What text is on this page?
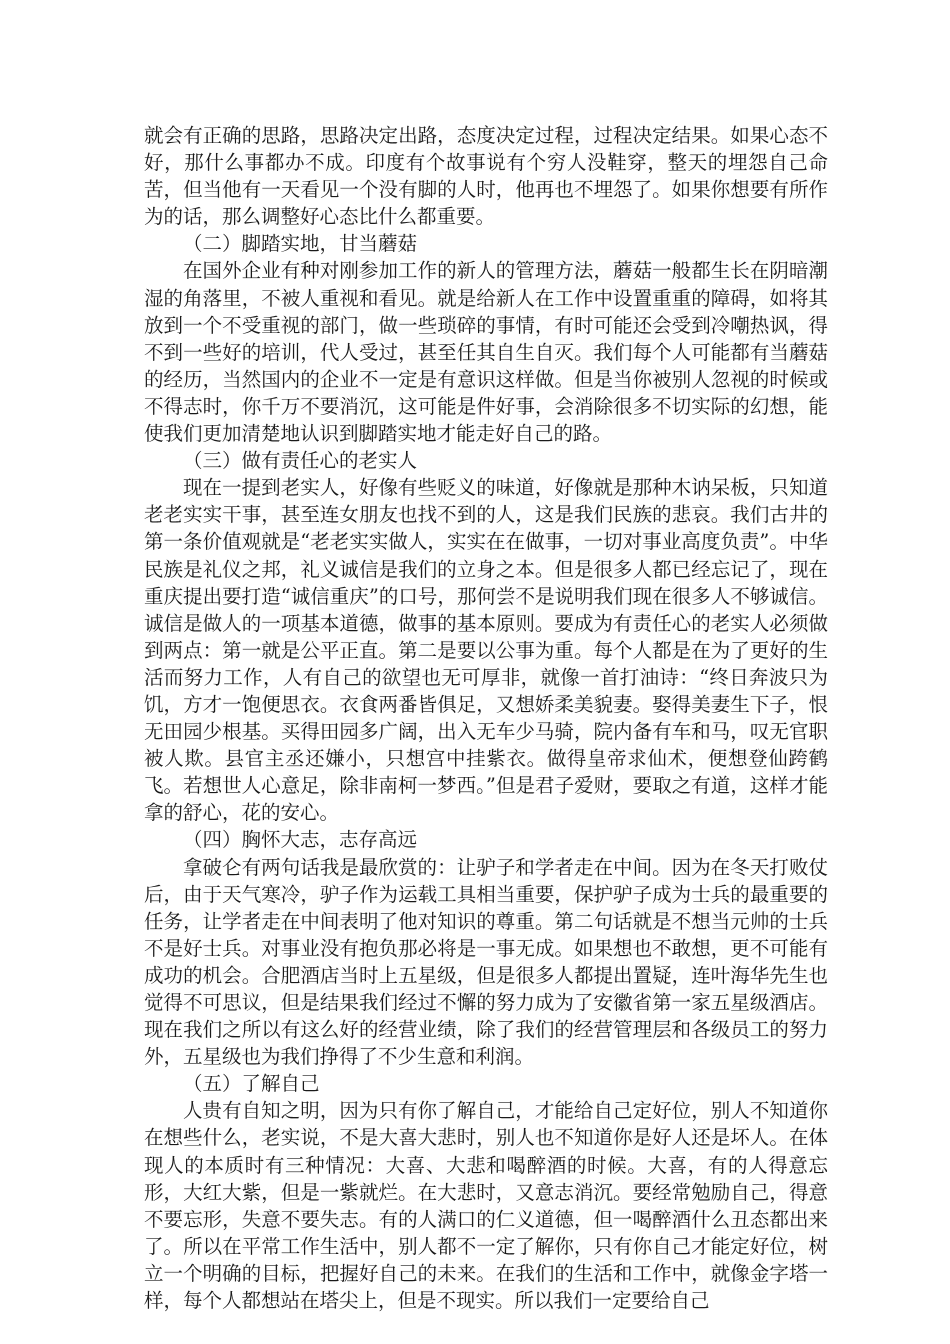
就会有正确的思路，思路决定出路，态度决定过程，过程决定结果。如果心态不好，那什么事都办不成。印度有个故事说有个穷人没鞋穿，整天的埋怨自己命苦，但当他有一天看见一个没有脚的人时，他再也不埋怨了。如果你想要有所作为的话，那么调整好心态比什么都重要。

（二）脚踏实地，甘当蘑菇

在国外企业有种对刚参加工作的新人的管理方法，蘑菇一般都生长在阴暗潮湿的角落里，不被人重视和看见。就是给新人在工作中设置重重的障碍，如将其放到一个不受重视的部门，做一些琐碎的事情，有时可能还会受到冷嘲热讽，得不到一些好的培训，代人受过，甚至任其自生自灭。我们每个人可能都有当蘑菇的经历，当然国内的企业不一定是有意识这样做。但是当你被别人忽视的时候或不得志时，你千万不要消沉，这可能是件好事，会消除很多不切实际的幻想，能使我们更加清楚地认识到脚踏实地才能走好自己的路。

（三）做有责任心的老实人

现在一提到老实人，好像有些贬义的味道，好像就是那种木讷呆板，只知道老老实实干事，甚至连女朋友也找不到的人，这是我们民族的悲哀。我们古井的第一条价值观就是“老老实实做人，实实在在做事，一切对事业高度负责”。中华民族是礼仪之邦，礼义诚信是我们的立身之本。但是很多人都已经忘记了，现在重庆提出要打造“诚信重庆”的口号，那何尝不是说明我们现在很多人不够诚信。诚信是做人的一项基本道德，做事的基本原则。要成为有责任心的老实人必须做到两点：第一就是公平正直。第二是要以公事为重。每个人都是在为了更好的生活而努力工作，人有自己的欲望也无可厚非，就像一首打油诗：“终日奔波只为饥，方才一饱便思衣。衣食两番皆俱足，又想娇柔美貌妻。娶得美妻生下子，恨无田园少根基。买得田园多广阔，出入无车少马骑，院内备有车和马，叹无官职被人欺。县官主丞还嫌小，只想宫中挂紫衣。做得皇帝求仙术，便想登仙跨鹤飞。若想世人心意足，除非南柯一梦西。”但是君子爱财，要取之有道，这样才能拿的舒心，花的安心。

（四）胸怀大志，志存高远

拿破仑有两句话我是最欣赏的：让驴子和学者走在中间。因为在冬天打败仗后，由于天气寒冷，驴子作为运载工具相当重要，保护驴子成为士兵的最重要的任务，让学者走在中间表明了他对知识的尊重。第二句话就是不想当元帅的士兵不是好士兵。对事业没有抱负那必将是一事无成。如果想也不敢想，更不可能有成功的机会。合肥酒店当时上五星级，但是很多人都提出置疑，连叶海华先生也觉得不可思议，但是结果我们经过不懈的努力成为了安徽省第一家五星级酒店。现在我们之所以有这么好的经营业绩，除了我们的经营管理层和各级员工的努力外，五星级也为我们挣得了不少生意和利润。

（五）了解自己

人贵有自知之明，因为只有你了解自己，才能给自己定好位，别人不知道你在想些什么，老实说，不是大喜大悲时，别人也不知道你是好人还是坏人。在体现人的本质时有三种情况：大喜、大悲和喝醉酒的时候。大喜，有的人得意忘形，大红大紫，但是一紫就烂。在大悲时，又意志消沉。要经常勉励自己，得意不要忘形，失意不要失志。有的人满口的仁义道德，但一喝醉酒什么丑态都出来了。所以在平常工作生活中，别人都不一定了解你，只有你自己才能定好位，树立一个明确的目标，把握好自己的未来。在我们的生活和工作中，就像金字塔一样，每个人都想站在塔尖上，但是不现实。所以我们一定要给自己
